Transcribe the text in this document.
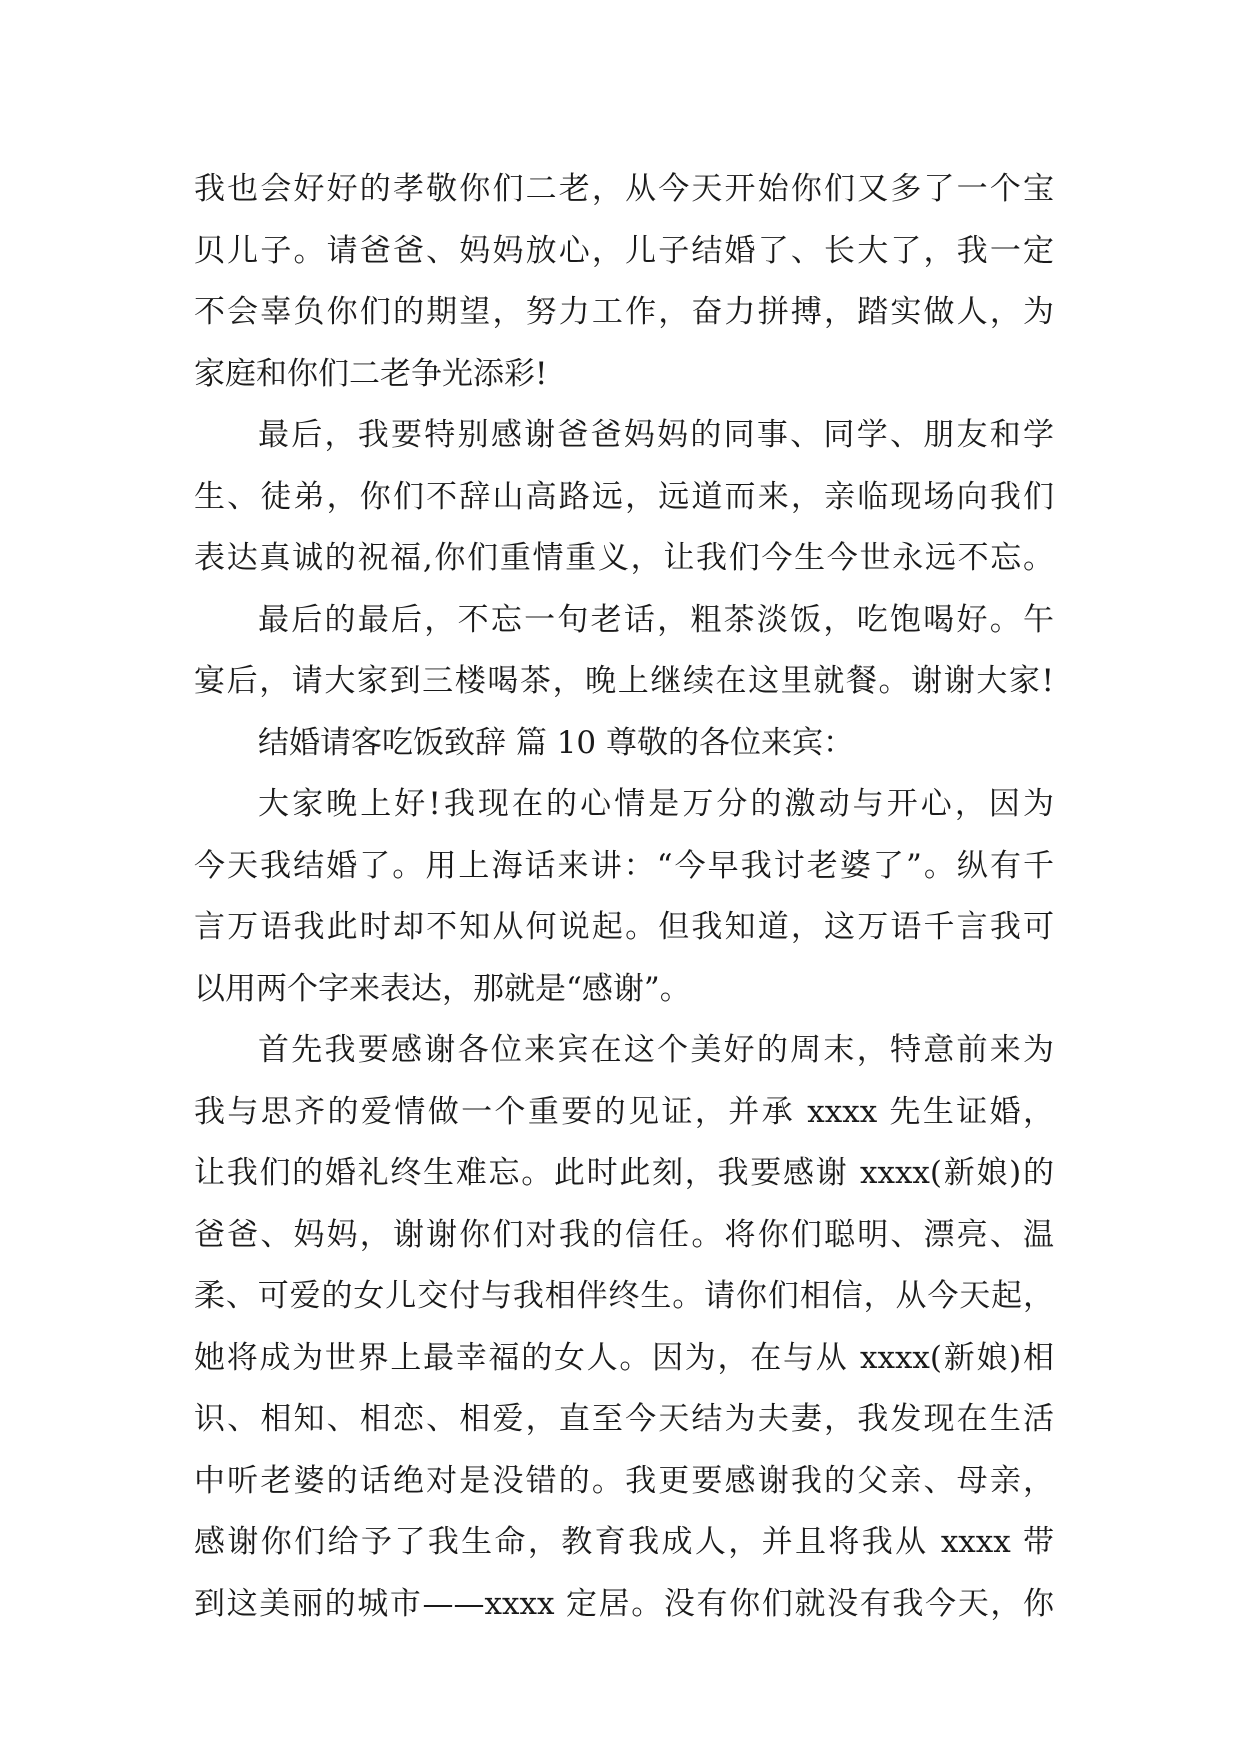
我也会好好的孝敬你们二老，从今天开始你们又多了一个宝
贝儿子。请爸爸、妈妈放心，儿子结婚了、长大了，我一定
不会辜负你们的期望，努力工作，奋力拼搏，踏实做人，为
家庭和你们二老争光添彩!
最后，我要特别感谢爸爸妈妈的同事、同学、朋友和学
生、徒弟，你们不辞山高路远，远道而来，亲临现场向我们
表达真诚的祝福,你们重情重义，让我们今生今世永远不忘。
最后的最后，不忘一句老话，粗茶淡饭，吃饱喝好。午
宴后，请大家到三楼喝茶，晚上继续在这里就餐。谢谢大家!
结婚请客吃饭致辞 篇 10 尊敬的各位来宾：
大家晚上好!我现在的心情是万分的激动与开心，因为
今天我结婚了。用上海话来讲：“今早我讨老婆了”。纵有千
言万语我此时却不知从何说起。但我知道，这万语千言我可
以用两个字来表达，那就是“感谢”。
首先我要感谢各位来宾在这个美好的周末，特意前来为
我与思齐的爱情做一个重要的见证，并承 xxxx 先生证婚，
让我们的婚礼终生难忘。此时此刻，我要感谢 xxxx(新娘)的
爸爸、妈妈，谢谢你们对我的信任。将你们聪明、漂亮、温
柔、可爱的女儿交付与我相伴终生。请你们相信，从今天起，
她将成为世界上最幸福的女人。因为，在与从 xxxx(新娘)相
识、相知、相恋、相爱，直至今天结为夫妻，我发现在生活
中听老婆的话绝对是没错的。我更要感谢我的父亲、母亲，
感谢你们给予了我生命，教育我成人，并且将我从 xxxx 带
到这美丽的城市——xxxx 定居。没有你们就没有我今天，你
